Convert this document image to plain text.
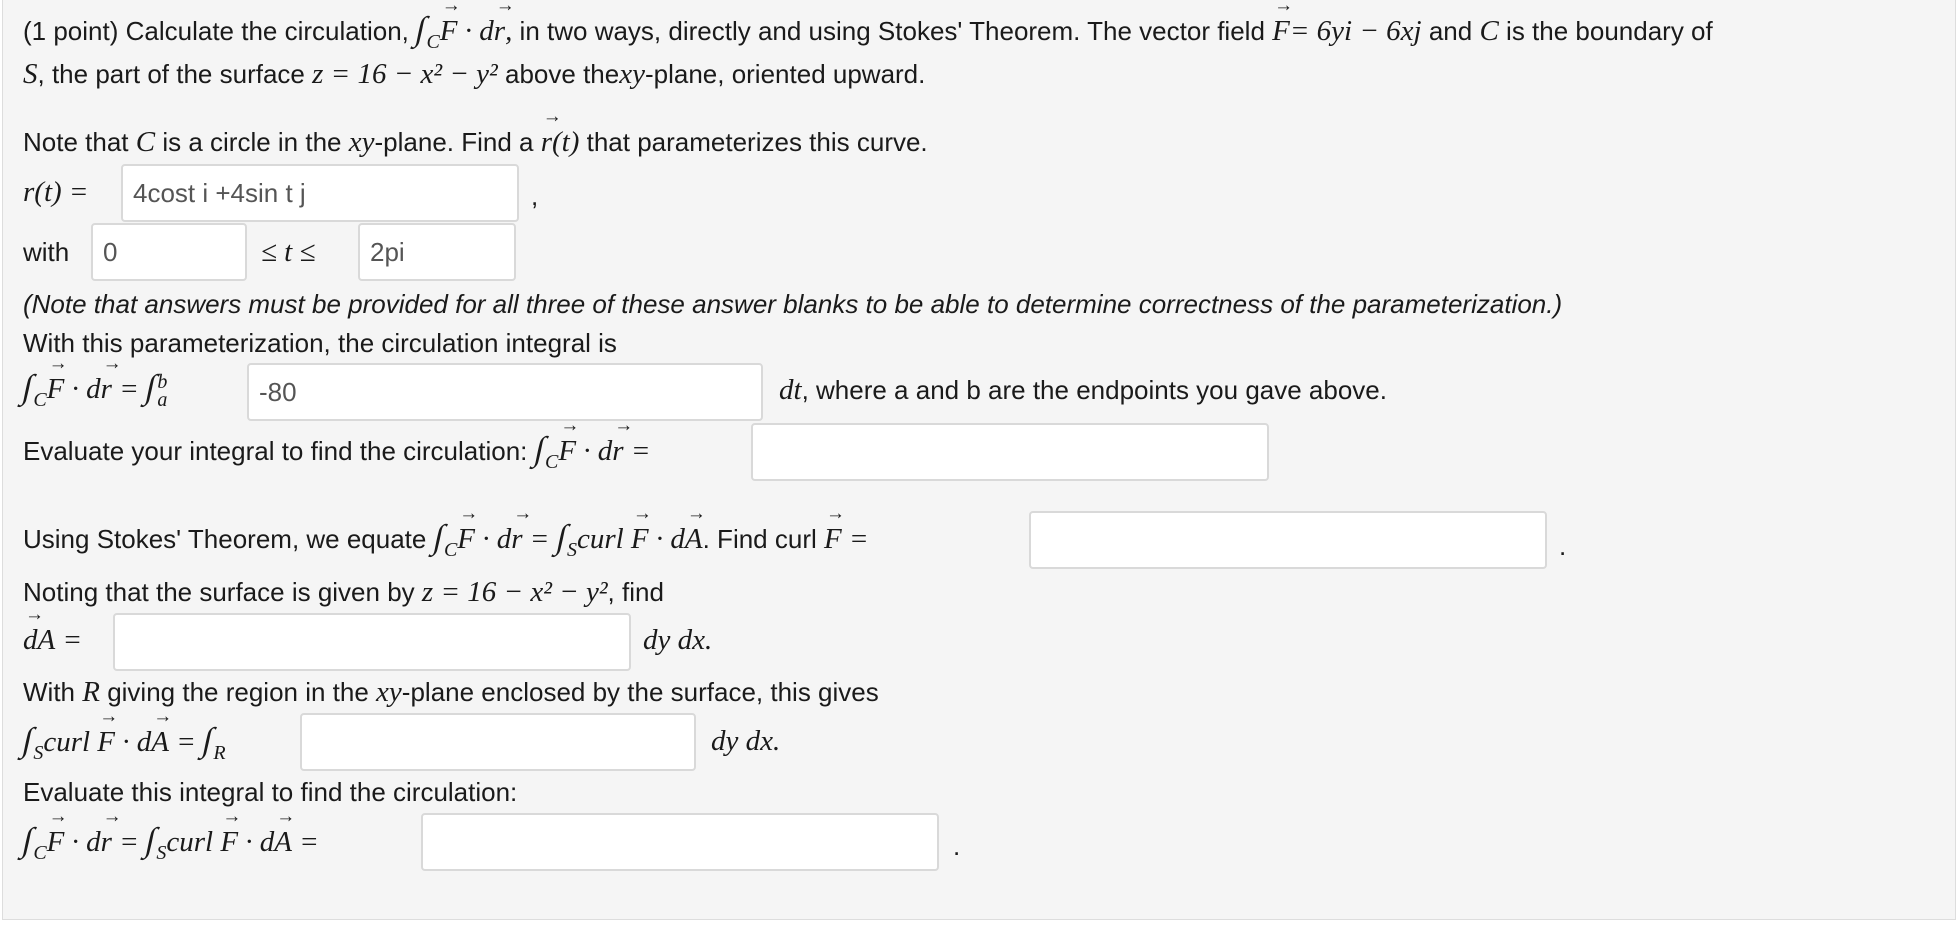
(1 point) Calculate the circulation, $\int_C\to F \cdot d\to r$, in two ways, directly and using Stokes' Theorem. The vector field → F= 6yi − 6xj and C is the boundary of
S, the part of the surface z = 16 − x² − y² above thexy-plane, oriented upward.
Note that C is a circle in the xy-plane. Find a → r(t) that parameterizes this curve.
r(t) =	4cost i +4sin t j	,
with	0	≤ t ≤	2pi
(Note that answers must be provided for all three of these answer blanks to be able to determine correctness of the parameterization.)
With this parameterization, the circulation integral is
$\int_C\to F \cdot d\to r$ = ∫
b
a	-80	dt, where a and b are the endpoints you gave above.
Evaluate your integral to find the circulation: $\int_C\to F \cdot d\to r$ =
Using Stokes' Theorem, we equate $\int_C\to F \cdot d\to r$ = $\int_Scurl \to F \cdot d\to A$. Find curl → F =	.
Noting that the surface is given by z = 16 − x² − y², find
→ dA =	dy dx.
With R giving the region in the xy-plane enclosed by the surface, this gives
$\int_Scurl \to F \cdot d\to A = \int_R$	dy dx.
Evaluate this integral to find the circulation:
$\int_C\to F \cdot d\to r$ = $\int_Scurl \to F \cdot d\to A$ =	.
